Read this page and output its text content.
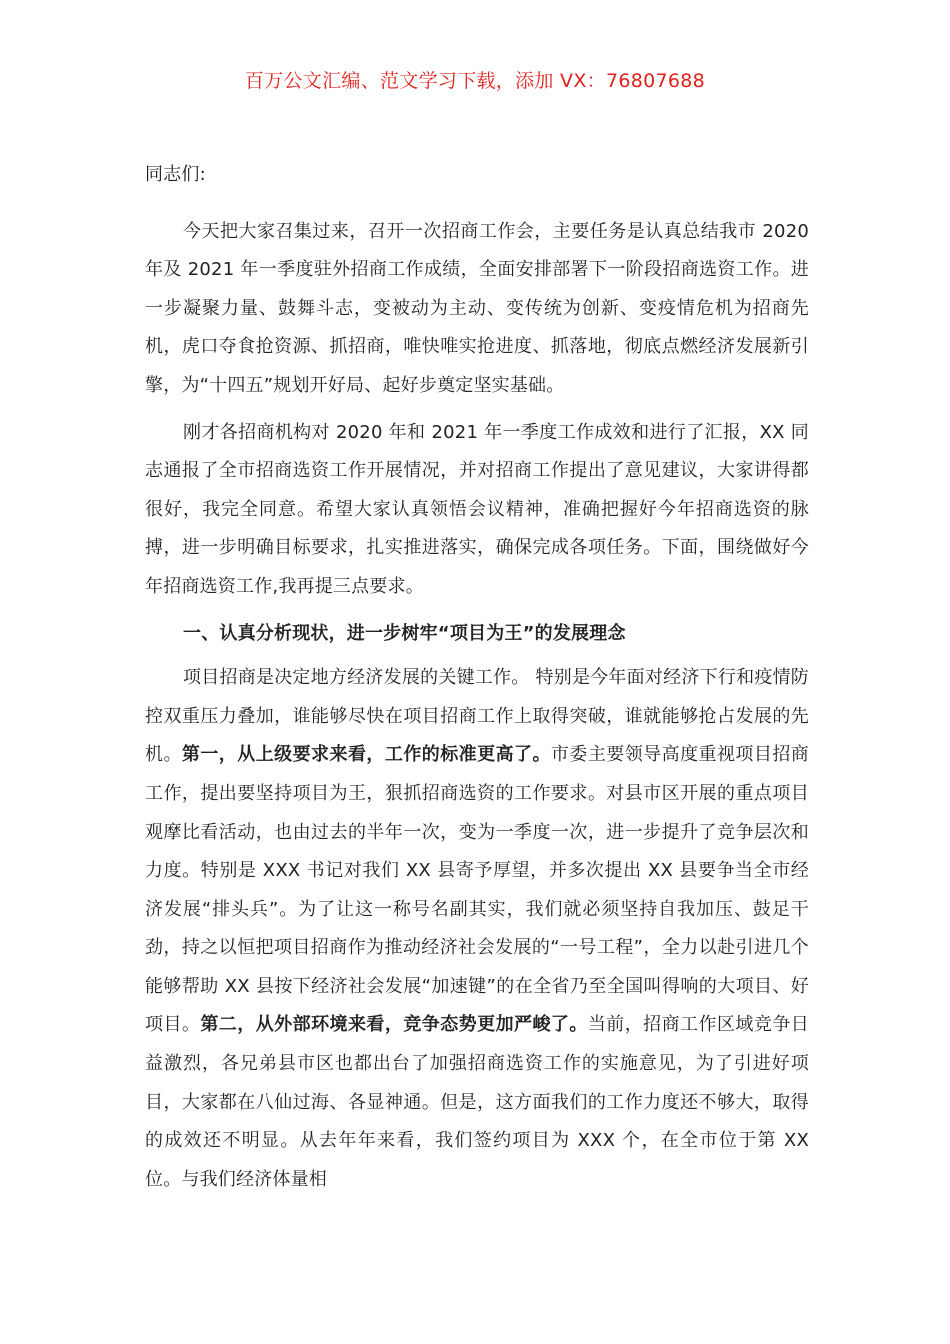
百万公文汇编、范文学习下载，添加 VX：76807688

同志们:

今天把大家召集过来，召开一次招商工作会，主要任务是认真总结我市 2020 年及 2021 年一季度驻外招商工作成绩，全面安排部署下一阶段招商选资工作。进一步凝聚力量、鼓舞斗志，变被动为主动、变传统为创新、变疫情危机为招商先机，虎口夺食抢资源、抓招商，唯快唯实抢进度、抓落地，彻底点燃经济发展新引擎，为“十四五”规划开好局、起好步奠定坚实基础。

刚才各招商机构对 2020 年和 2021 年一季度工作成效和进行了汇报，XX 同志通报了全市招商选资工作开展情况，并对招商工作提出了意见建议，大家讲得都很好，我完全同意。希望大家认真领悟会议精神，准确把握好今年招商选资的脉搏，进一步明确目标要求，扎实推进落实，确保完成各项任务。下面，围绕做好今年招商选资工作,我再提三点要求。

一、认真分析现状，进一步树牢“项目为王”的发展理念

项目招商是决定地方经济发展的关键工作。 特别是今年面对经济下行和疫情防控双重压力叠加，谁能够尽快在项目招商工作上取得突破，谁就能够抢占发展的先机。第一，从上级要求来看，工作的标准更高了。市委主要领导高度重视项目招商工作，提出要坚持项目为王，狠抓招商选资的工作要求。对县市区开展的重点项目观摩比看活动，也由过去的半年一次，变为一季度一次，进一步提升了竞争层次和力度。特别是 XXX 书记对我们 XX 县寄予厚望，并多次提出 XX 县要争当全市经济发展“排头兵”。为了让这一称号名副其实，我们就必须坚持自我加压、鼓足干劲，持之以恒把项目招商作为推动经济社会发展的“一号工程”，全力以赴引进几个能够帮助 XX 县按下经济社会发展“加速键”的在全省乃至全国叫得响的大项目、好项目。第二，从外部环境来看，竞争态势更加严峻了。当前，招商工作区域竞争日益激烈，各兄弟县市区也都出台了加强招商选资工作的实施意见，为了引进好项目，大家都在八仙过海、各显神通。但是，这方面我们的工作力度还不够大，取得的成效还不明显。从去年年来看，我们签约项目为 XXX 个，在全市位于第 XX 位。与我们经济体量相
